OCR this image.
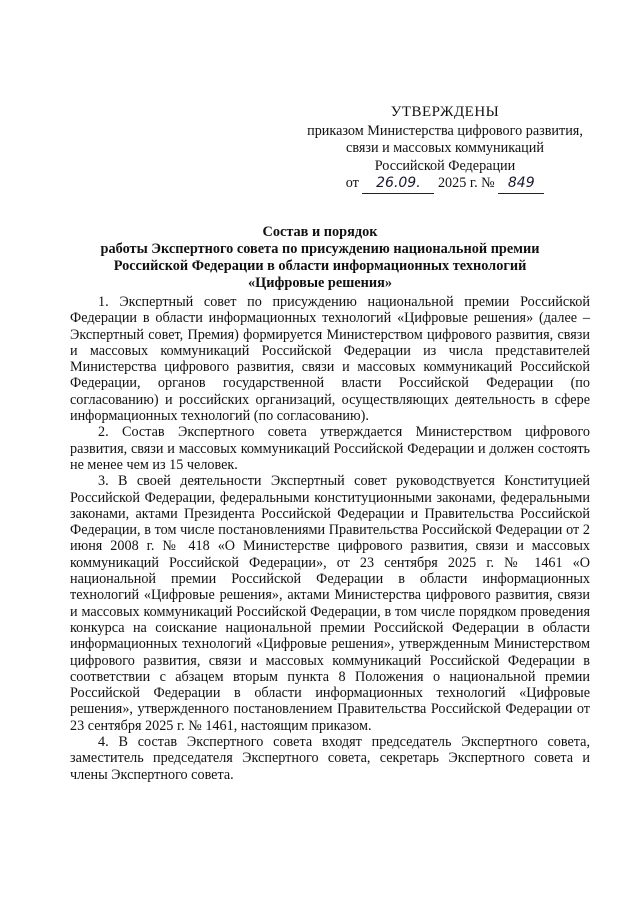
УТВЕРЖДЕНЫ
приказом Министерства цифрового развития,
связи и массовых коммуникаций
Российской Федерации
от 26.09. 2025 г. № 849
Состав и порядок
работы Экспертного совета по присуждению национальной премии
Российской Федерации в области информационных технологий
«Цифровые решения»

1. Экспертный совет по присуждению национальной премии Российской Федерации в области информационных технологий «Цифровые решения» (далее – Экспертный совет, Премия) формируется Министерством цифрового развития, связи и массовых коммуникаций Российской Федерации из числа представителей Министерства цифрового развития, связи и массовых коммуникаций Российской Федерации, органов государственной власти Российской Федерации (по согласованию) и российских организаций, осуществляющих деятельность в сфере информационных технологий (по согласованию).

2. Состав Экспертного совета утверждается Министерством цифрового развития, связи и массовых коммуникаций Российской Федерации и должен состоять не менее чем из 15 человек.

3. В своей деятельности Экспертный совет руководствуется Конституцией Российской Федерации, федеральными конституционными законами, федеральными законами, актами Президента Российской Федерации и Правительства Российской Федерации, в том числе постановлениями Правительства Российской Федерации от 2 июня 2008 г. № 418 «О Министерстве цифрового развития, связи и массовых коммуникаций Российской Федерации», от 23 сентября 2025 г. № 1461 «О национальной премии Российской Федерации в области информационных технологий «Цифровые решения», актами Министерства цифрового развития, связи и массовых коммуникаций Российской Федерации, в том числе порядком проведения конкурса на соискание национальной премии Российской Федерации в области информационных технологий «Цифровые решения», утвержденным Министерством цифрового развития, связи и массовых коммуникаций Российской Федерации в соответствии с абзацем вторым пункта 8 Положения о национальной премии Российской Федерации в области информационных технологий «Цифровые решения», утвержденного постановлением Правительства Российской Федерации от 23 сентября 2025 г. № 1461, настоящим приказом.

4. В состав Экспертного совета входят председатель Экспертного совета, заместитель председателя Экспертного совета, секретарь Экспертного совета и члены Экспертного совета.
